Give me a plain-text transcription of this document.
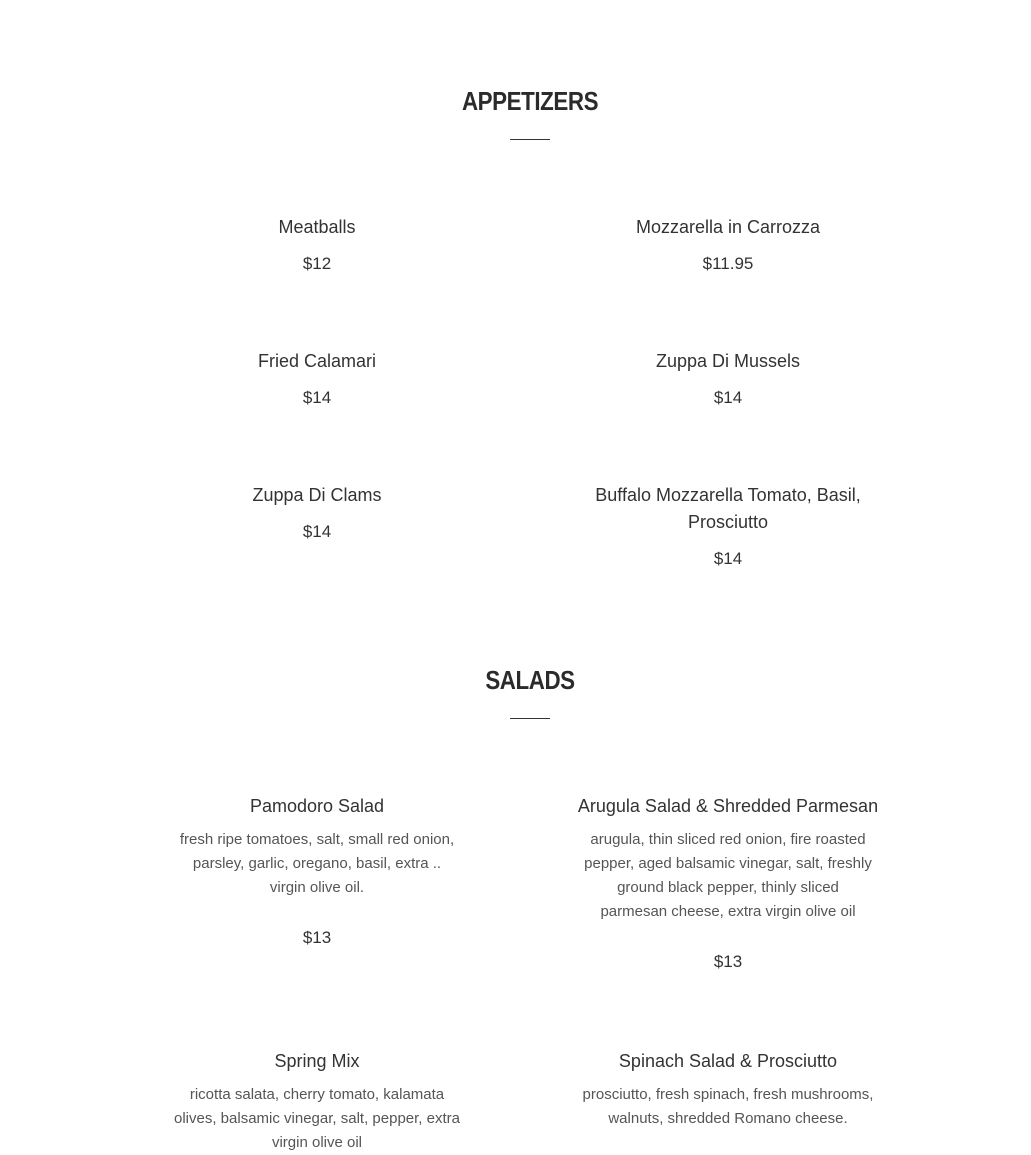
APPETIZERS

Meatballs

$12

Mozzarella in Carrozza

$11.95

Fried Calamari

$14

Zuppa Di Mussels

$14

Zuppa Di Clams

$14

Buffalo Mozzarella Tomato, Basil, Prosciutto

$14

SALADS

Pamodoro Salad

fresh ripe tomatoes, salt, small red onion, parsley, garlic, oregano, basil, extra .. virgin olive oil.

$13

Arugula Salad & Shredded Parmesan

arugula, thin sliced red onion, fire roasted pepper, aged balsamic vinegar, salt, freshly ground black pepper, thinly sliced parmesan cheese, extra virgin olive oil

$13

Spring Mix

ricotta salata, cherry tomato, kalamata olives, balsamic vinegar, salt, pepper, extra virgin olive oil

Spinach Salad & Prosciutto

prosciutto, fresh spinach, fresh mushrooms, walnuts, shredded Romano cheese.
